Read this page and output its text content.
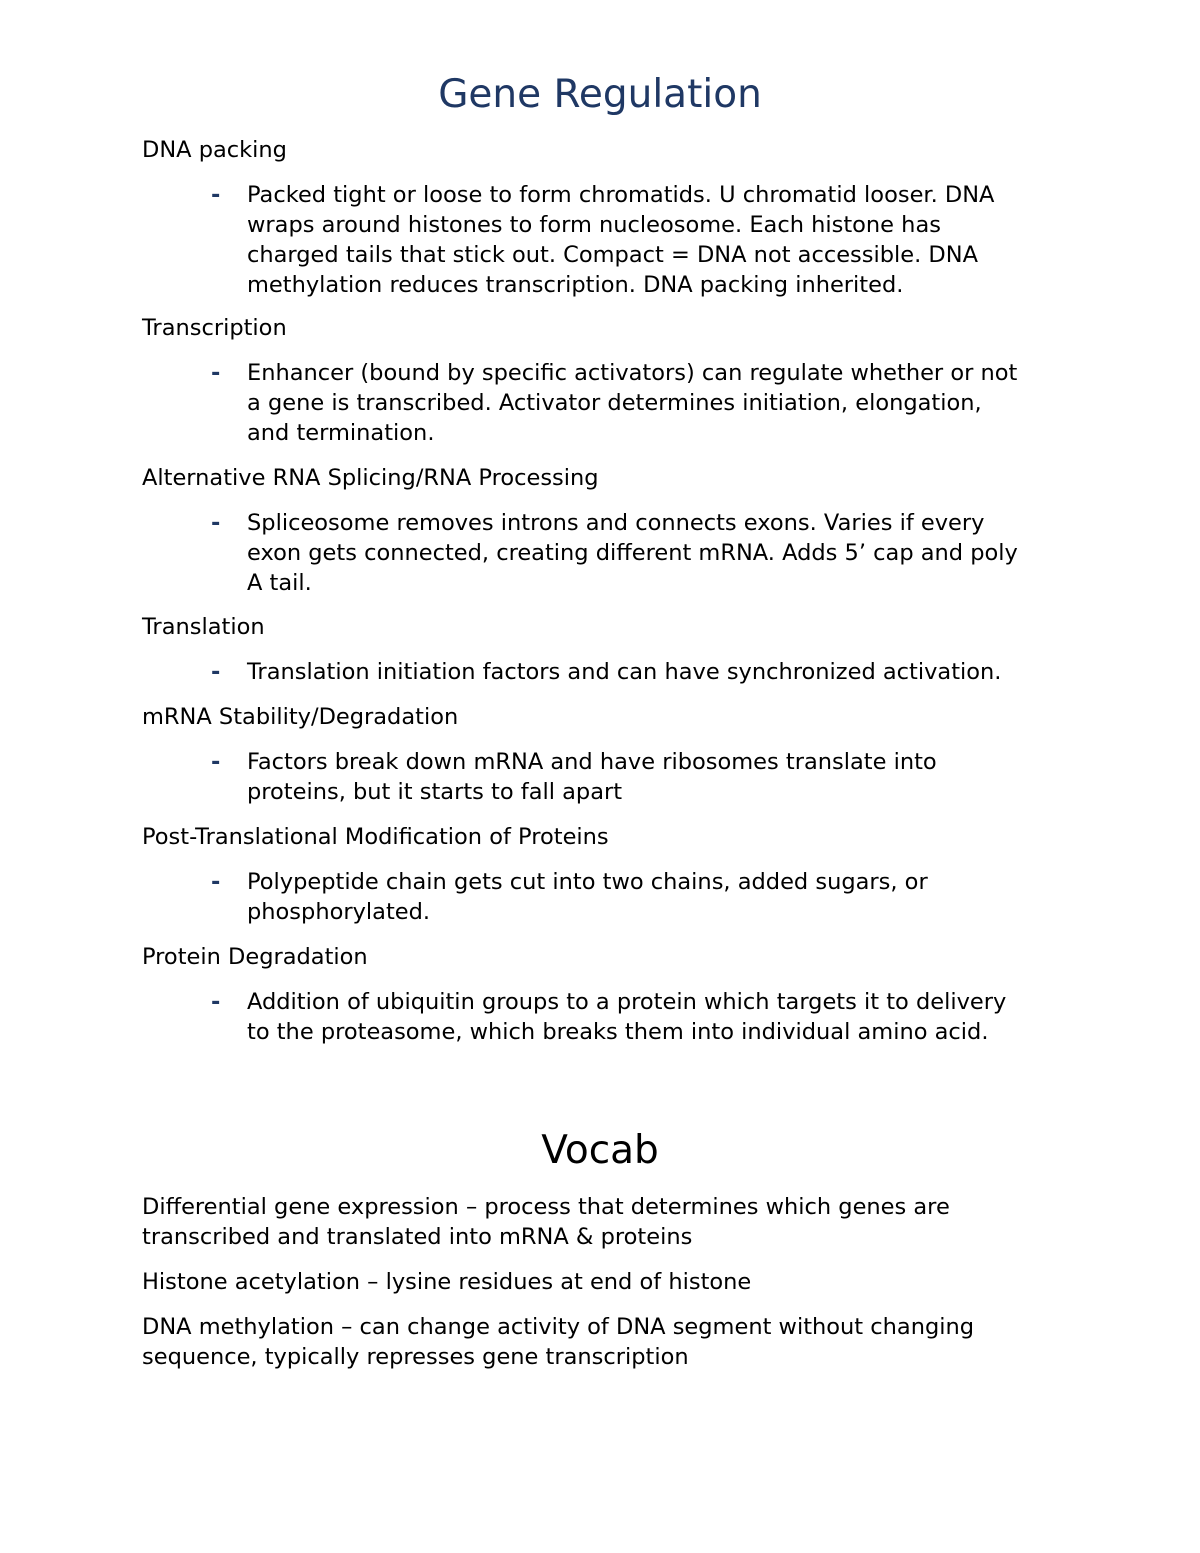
Gene Regulation
DNA packing
- Packed tight or loose to form chromatids. U chromatid looser. DNA
wraps around histones to form nucleosome. Each histone has
charged tails that stick out. Compact = DNA not accessible. DNA
methylation reduces transcription. DNA packing inherited.
Transcription
- Enhancer (bound by specific activators) can regulate whether or not
a gene is transcribed. Activator determines initiation, elongation,
and termination.
Alternative RNA Splicing/RNA Processing
- Spliceosome removes introns and connects exons. Varies if every
exon gets connected, creating different mRNA. Adds 5’ cap and poly
A tail.
Translation
- Translation initiation factors and can have synchronized activation.
mRNA Stability/Degradation
- Factors break down mRNA and have ribosomes translate into
proteins, but it starts to fall apart
Post-Translational Modification of Proteins
- Polypeptide chain gets cut into two chains, added sugars, or
phosphorylated.
Protein Degradation
- Addition of ubiquitin groups to a protein which targets it to delivery
to the proteasome, which breaks them into individual amino acid.
Vocab
Differential gene expression – process that determines which genes are
transcribed and translated into mRNA & proteins
Histone acetylation – lysine residues at end of histone
DNA methylation – can change activity of DNA segment without changing
sequence, typically represses gene transcription
